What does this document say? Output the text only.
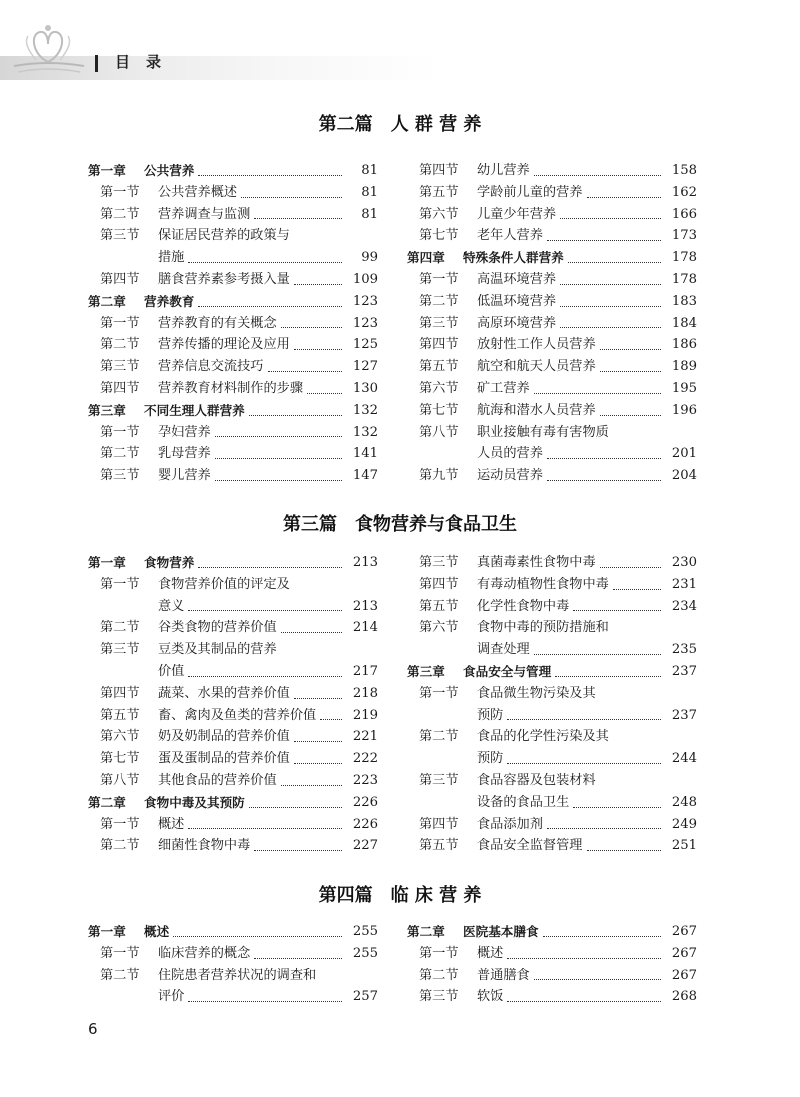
目录
第二篇　人 群 营 养
第一章 公共营养	81
第一节 公共营养概述	81
第二节 营养调查与监测	81
第三节 保证居民营养的政策与
措施	99
第四节 膳食营养素参考摄入量	109
第二章 营养教育	123
第一节 营养教育的有关概念	123
第二节 营养传播的理论及应用	125
第三节 营养信息交流技巧	127
第四节 营养教育材料制作的步骤	130
第三章 不同生理人群营养	132
第一节 孕妇营养	132
第二节 乳母营养	141
第三节 婴儿营养	147
第四节 幼儿营养	158
第五节 学龄前儿童的营养	162
第六节 儿童少年营养	166
第七节 老年人营养	173
第四章 特殊条件人群营养	178
第一节 高温环境营养	178
第二节 低温环境营养	183
第三节 高原环境营养	184
第四节 放射性工作人员营养	186
第五节 航空和航天人员营养	189
第六节 矿工营养	195
第七节 航海和潜水人员营养	196
第八节 职业接触有毒有害物质
人员的营养	201
第九节 运动员营养	204
第三篇　食物营养与食品卫生
第一章 食物营养	213
第一节 食物营养价值的评定及
意义	213
第二节 谷类食物的营养价值	214
第三节 豆类及其制品的营养
价值	217
第四节 蔬菜、水果的营养价值	218
第五节 畜、禽肉及鱼类的营养价值	219
第六节 奶及奶制品的营养价值	221
第七节 蛋及蛋制品的营养价值	222
第八节 其他食品的营养价值	223
第二章 食物中毒及其预防	226
第一节 概述	226
第二节 细菌性食物中毒	227
第三节 真菌毒素性食物中毒	230
第四节 有毒动植物性食物中毒	231
第五节 化学性食物中毒	234
第六节 食物中毒的预防措施和
调查处理	235
第三章 食品安全与管理	237
第一节 食品微生物污染及其
预防	237
第二节 食品的化学性污染及其
预防	244
第三节 食品容器及包装材料
设备的食品卫生	248
第四节 食品添加剂	249
第五节 食品安全监督管理	251
第四篇　临 床 营 养
第一章 概述	255
第一节 临床营养的概念	255
第二节 住院患者营养状况的调查和
评价	257
第二章 医院基本膳食	267
第一节 概述	267
第二节 普通膳食	267
第三节 软饭	268
6
